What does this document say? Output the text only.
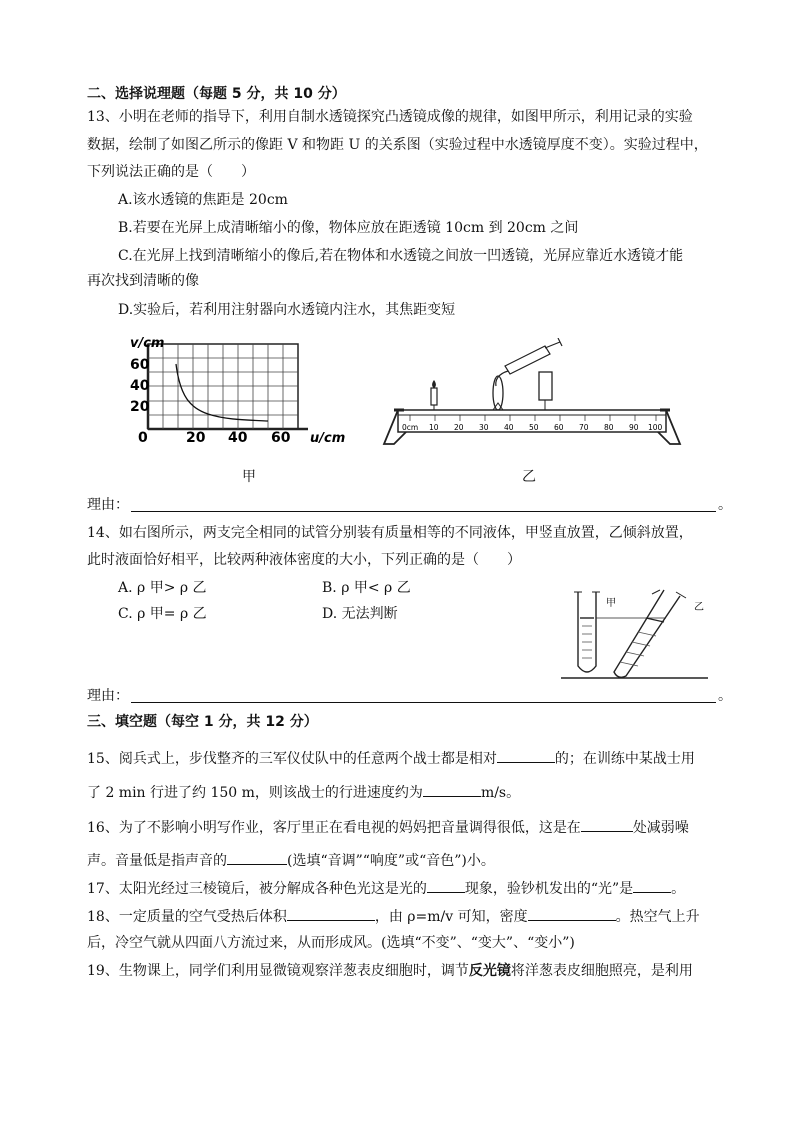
二、选择说理题（每题 5 分，共 10 分）
13、小明在老师的指导下，利用自制水透镜探究凸透镜成像的规律，如图甲所示，利用记录的实验
数据，绘制了如图乙所示的像距 V 和物距 U 的关系图（实验过程中水透镜厚度不变）。实验过程中，
下列说法正确的是（　　）
A.该水透镜的焦距是 20cm
B.若要在光屏上成清晰缩小的像，物体应放在距透镜 10cm 到 20cm 之间
C.在光屏上找到清晰缩小的像后,若在物体和水透镜之间放一凹透镜，光屏应靠近水透镜才能
再次找到清晰的像
D.实验后，若利用注射器向水透镜内注水，其焦距变短
v/cm
60
40
20
0	20 40 60 u/cm
0cm 10 20 30 40 50 60 70 80 90 100
甲	乙
理由：	。
14、如右图所示，两支完全相同的试管分别装有质量相等的不同液体，甲竖直放置，乙倾斜放置，
此时液面恰好相平，比较两种液体密度的大小，下列正确的是（　　）
A. ρ 甲> ρ 乙	B. ρ 甲< ρ 乙
C. ρ 甲= ρ 乙	D. 无法判断
甲	乙
理由：	。
三、填空题（每空 1 分，共 12 分）
15、阅兵式上，步伐整齐的三军仪仗队中的任意两个战士都是相对	的；在训练中某战士用
了 2 min 行进了约 150 m，则该战士的行进速度约为	m/s。
16、为了不影响小明写作业，客厅里正在看电视的妈妈把音量调得很低，这是在	处减弱噪
声。音量低是指声音的	(选填“音调”“响度”或“音色”)小。
17、太阳光经过三棱镜后，被分解成各种色光这是光的	现象，验钞机发出的“光”是	。
18、一定质量的空气受热后体积	，由 ρ=m/v 可知，密度	。热空气上升
后，冷空气就从四面八方流过来，从而形成风。(选填“不变”、“变大”、“变小”)
19、生物课上，同学们利用显微镜观察洋葱表皮细胞时，调节反光镜将洋葱表皮细胞照亮，是利用
